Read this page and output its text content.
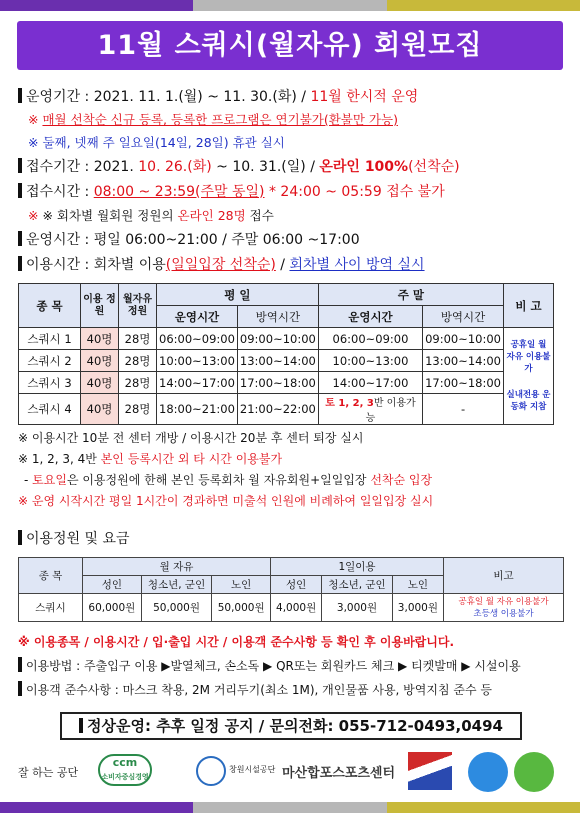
11월 스쿼시(월자유) 회원모집
운영기간 : 2021. 11. 1.(월) ~ 11. 30.(화) / 11월 한시적 운영
※ 매월 선착순 신규 등록, 등록한 프로그램은 연기불가(환불만 가능)
※ 둘째, 넷째 주 일요일(14일, 28일) 휴관 실시
접수기간 : 2021. 10. 26.(화) ~ 10. 31.(일) / 온라인 100%(선착순)
접수시간 : 08:00 ~ 23:59(주말 동일) * 24:00 ~ 05:59 접수 불가
※ ※ 회차별 월회원 정원의 온라인 28명 접수
운영시간 : 평일 06:00~21:00 / 주말 06:00 ~17:00
이용시간 : 회차별 이용(일일입장 선착순) / 회차별 사이 방역 실시
종 목	이용 정원	월자유 정원	평 일		주 말		비 고
			운영시간	방역시간	운영시간	방역시간	
스쿼시 1	40명	28명	06:00~09:00	09:00~10:00	06:00~09:00	09:00~10:00	공휴일 월 자유 이용불가
실내전용 운동화 지참

스쿼시 2	40명	28명	10:00~13:00	13:00~14:00	10:00~13:00	13:00~14:00	
스쿼시 3	40명	28명	14:00~17:00	17:00~18:00	14:00~17:00	17:00~18:00	
스쿼시 4	40명	28명	18:00~21:00	21:00~22:00	토 1, 2, 3반 이용가능	-	
※ 이용시간 10분 전 센터 개방 / 이용시간 20분 후 센터 퇴장 실시
※ 1, 2, 3, 4반 본인 등록시간 외 타 시간 이용불가
- 토요일은 이용정원에 한해 본인 등록회차 월 자유회원+일일입장 선착순 입장
※ 운영 시작시간 평일 1시간이 경과하면 미출석 인원에 비례하여 일일입장 실시
이용정원 및 요금
종 목	월 자유			1일이용			비고
	성인	청소년, 군인	노인	성인	청소년, 군인	노인	
스쿼시	60,000원	50,000원	50,000원	4,000원	3,000원	3,000원	공휴일 월 자유 이용불가
초등생 이용불가
※ 이용종목 / 이용시간 / 입·출입 시간 / 이용객 준수사항 등 확인 후 이용바랍니다.
이용방법 : 주출입구 이용 ▶발열체크, 손소독 ▶ QR또는 회원카드 체크 ▶ 티켓발매 ▶ 시설이용
이용객 준수사항 : 마스크 착용, 2M 거리두기(최소 1M), 개인물품 사용, 방역지침 준수 등
정상운영: 추후 일정 공지 / 문의전화: 055-712-0493,0494
잘 하는 공단
ccm
소비자중심경영
창원시설공단 마산합포스포츠센터
